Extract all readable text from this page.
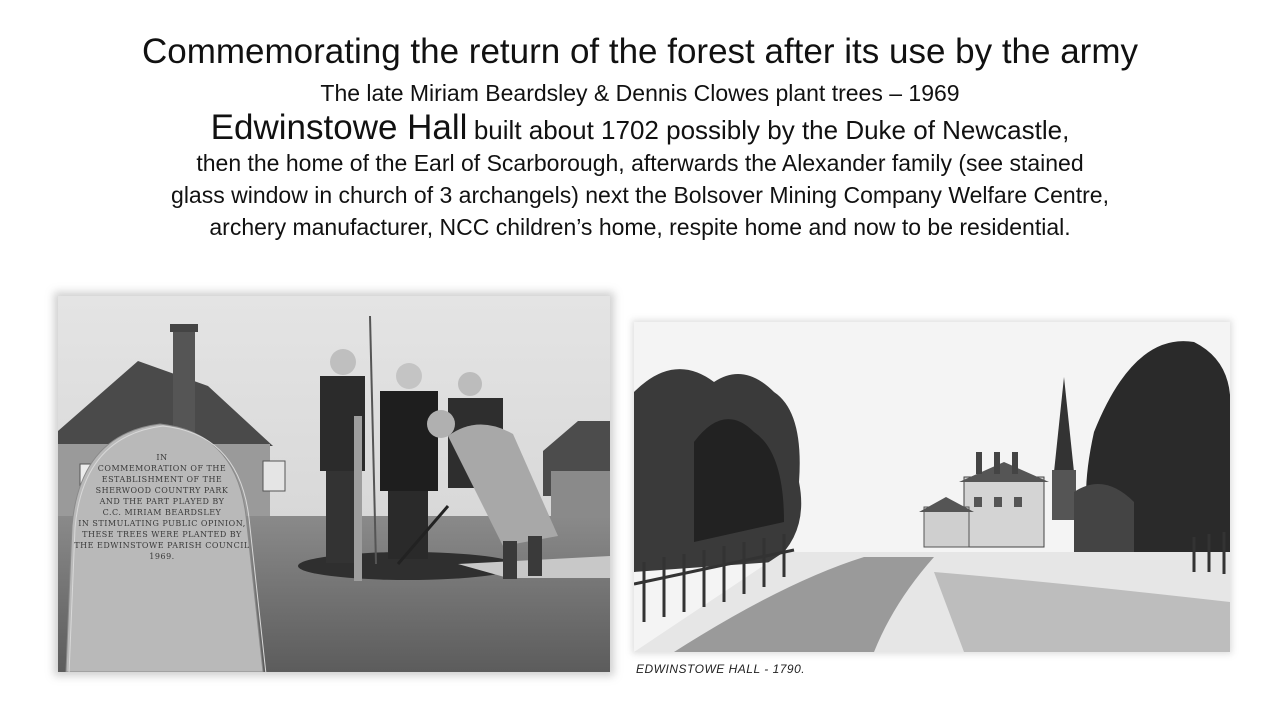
Commemorating the return of the forest after its use by the army
The late Miriam Beardsley & Dennis Clowes plant trees – 1969
Edwinstowe Hall built about 1702 possibly by the Duke of Newcastle,
then the home of the Earl of Scarborough, afterwards the Alexander family (see stained
glass window in church of 3 archangels) next the Bolsover Mining Company Welfare Centre,
archery manufacturer, NCC children’s home, respite home and now to be residential.
IN
COMMEMORATION OF THE
ESTABLISHMENT OF THE
SHERWOOD COUNTRY PARK
AND THE PART PLAYED BY
C.C. MIRIAM BEARDSLEY
IN STIMULATING PUBLIC OPINION,
THESE TREES WERE PLANTED BY
THE EDWINSTOWE PARISH COUNCIL
1969.
EDWINSTOWE HALL - 1790.
